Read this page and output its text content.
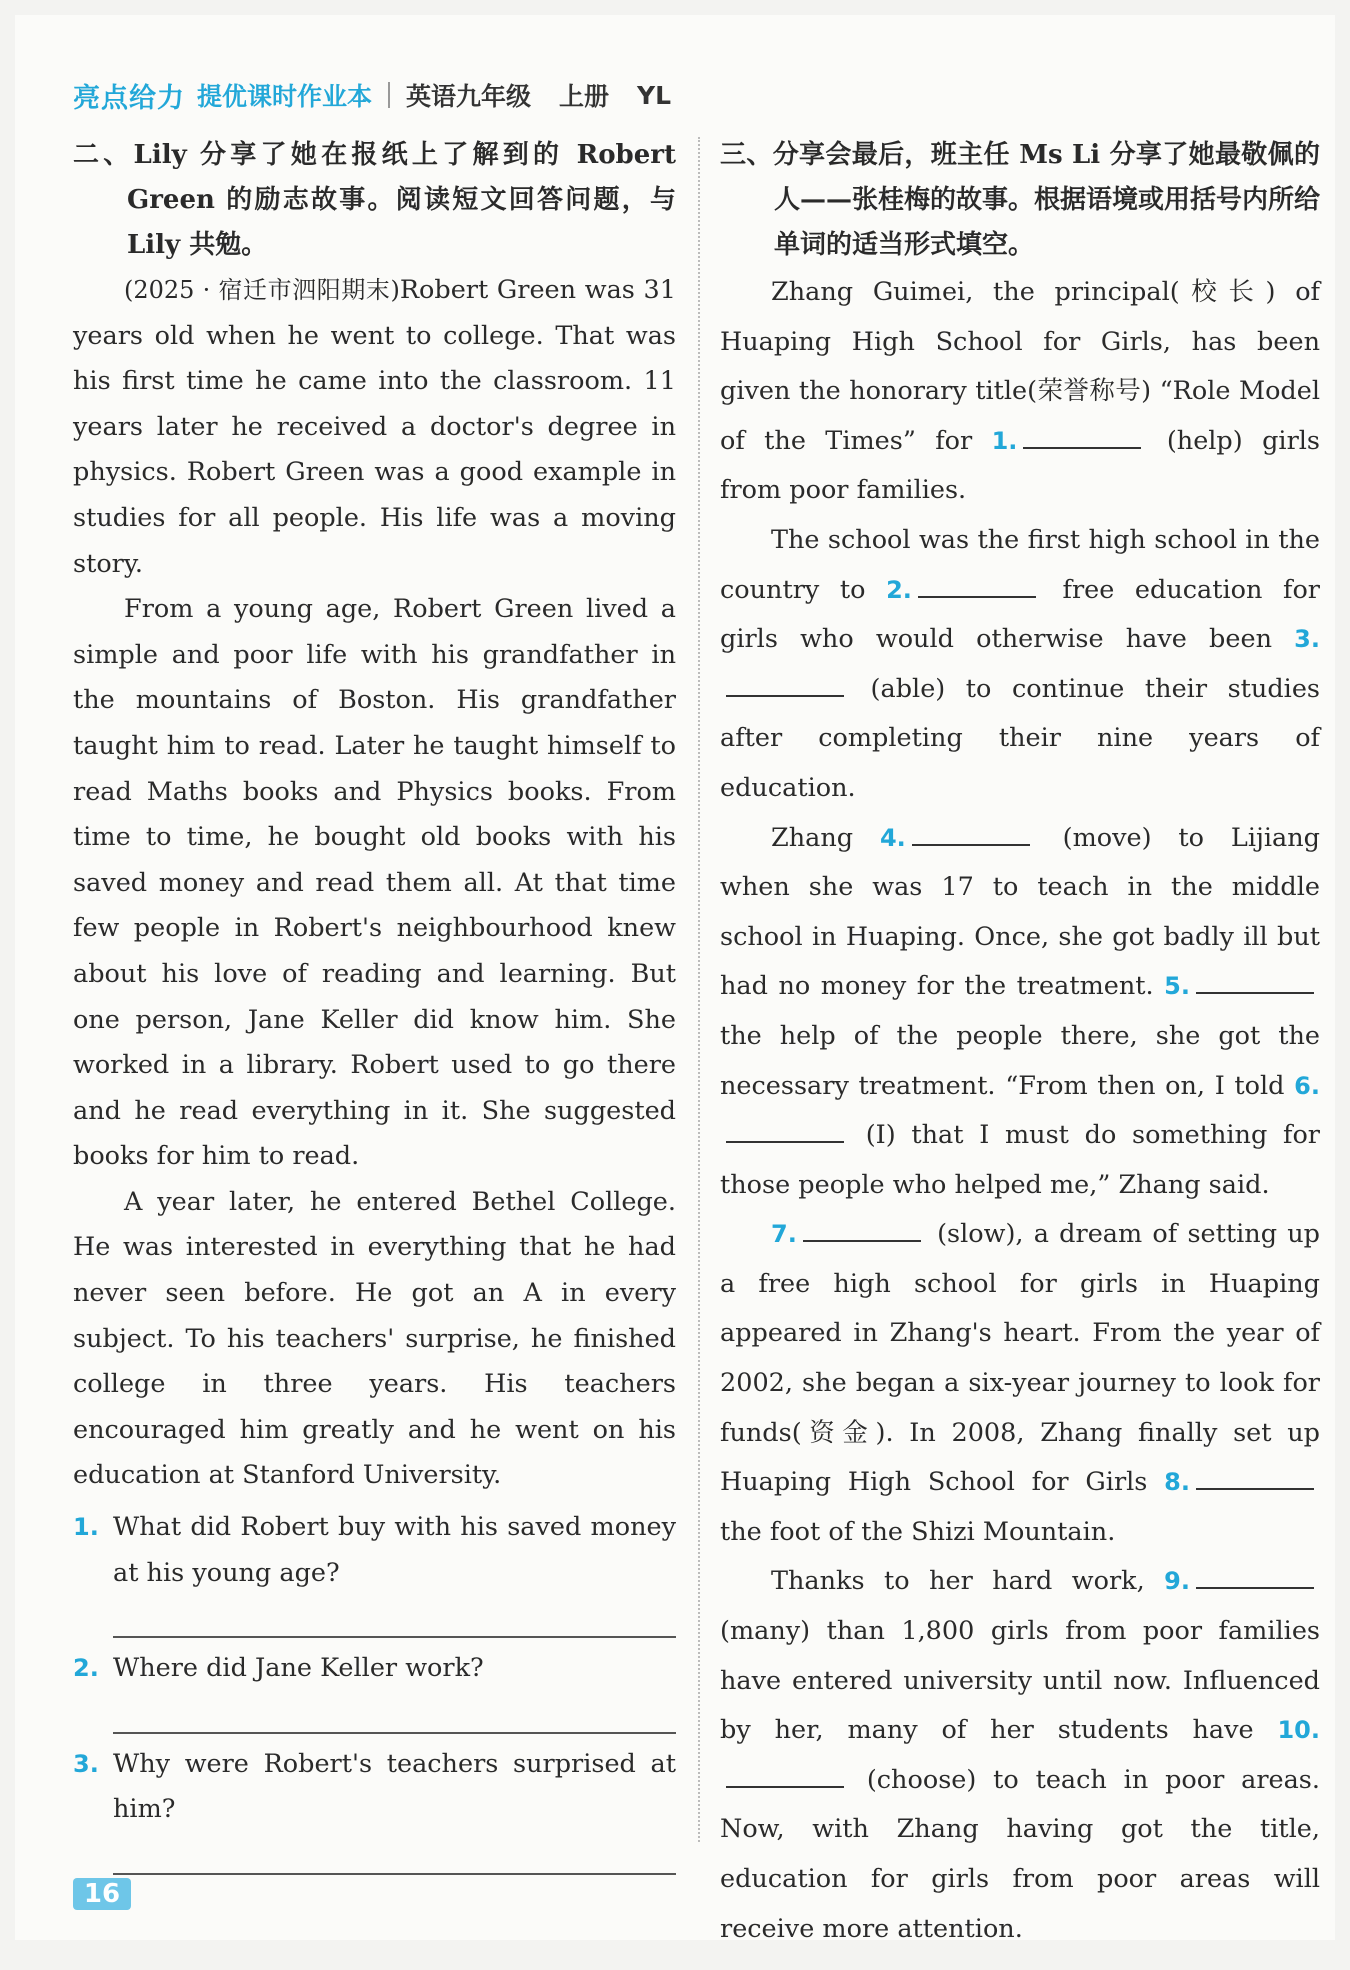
亮点给力 提优课时作业本 英语九年级 上册 YL
二、Lily 分享了她在报纸上了解到的 Robert Green 的励志故事。阅读短文回答问题，与 Lily 共勉。

(2025 · 宿迁市泗阳期末)Robert Green was 31 years old when he went to college. That was his first time he came into the classroom. 11 years later he received a doctor's degree in physics. Robert Green was a good example in studies for all people. His life was a moving story.

From a young age, Robert Green lived a simple and poor life with his grandfather in the mountains of Boston. His grandfather taught him to read. Later he taught himself to read Maths books and Physics books. From time to time, he bought old books with his saved money and read them all. At that time few people in Robert's neighbourhood knew about his love of reading and learning. But one person, Jane Keller did know him. She worked in a library. Robert used to go there and he read everything in it. She suggested books for him to read.

A year later, he entered Bethel College. He was interested in everything that he had never seen before. He got an A in every subject. To his teachers' surprise, he finished college in three years. His teachers encouraged him greatly and he went on his education at Stanford University.

1. What did Robert buy with his saved money at his young age?
2. Where did Jane Keller work?
3. Why were Robert's teachers surprised at him?
三、分享会最后，班主任 Ms Li 分享了她最敬佩的人——张桂梅的故事。根据语境或用括号内所给单词的适当形式填空。

Zhang Guimei, the principal(校长) of Huaping High School for Girls, has been given the honorary title(荣誉称号) “Role Model of the Times” for 1.	(help) girls from poor families.

The school was the first high school in the country to 2.	free education for girls who would otherwise have been 3. (able) to continue their studies after completing their nine years of education.

Zhang 4.	(move) to Lijiang when she was 17 to teach in the middle school in Huaping. Once, she got badly ill but had no money for the treatment. 5. the help of the people there, she got the necessary treatment. “From then on, I told 6. (I) that I must do something for those people who helped me,” Zhang said.

7.	(slow), a dream of setting up a free high school for girls in Huaping appeared in Zhang's heart. From the year of 2002, she began a six-year journey to look for funds(资金). In 2008, Zhang finally set up Huaping High School for Girls 8. the foot of the Shizi Mountain.

Thanks to her hard work, 9. (many) than 1,800 girls from poor families have entered university until now. Influenced by her, many of her students have 10. (choose) to teach in poor areas. Now, with Zhang having got the title, education for girls from poor areas will receive more attention.

16
